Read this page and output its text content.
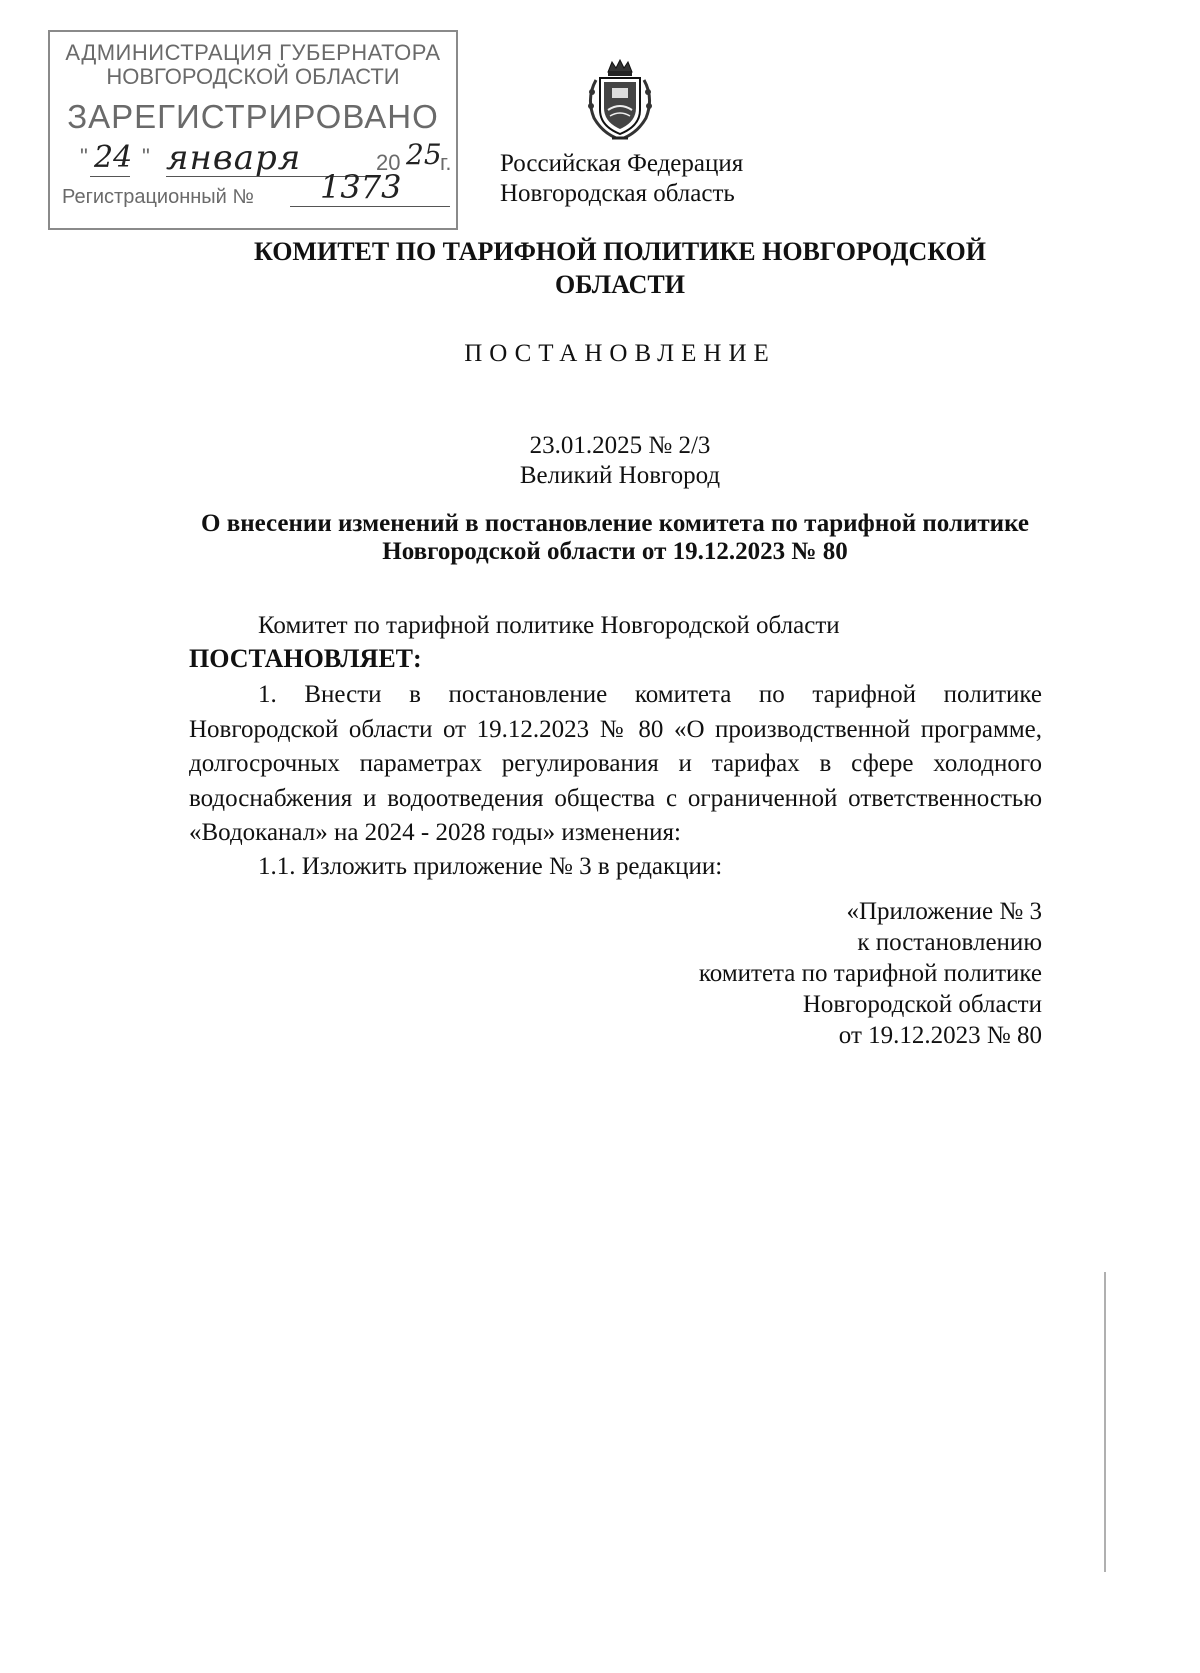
АДМИНИСТРАЦИЯ ГУБЕРНАТОРА
НОВГОРОДСКОЙ ОБЛАСТИ
ЗАРЕГИСТРИРОВАНО
" 24 " января	20 25
г.
Регистрационный № 1373
Российская Федерация
Новгородская область
КОМИТЕТ ПО ТАРИФНОЙ ПОЛИТИКЕ НОВГОРОДСКОЙ ОБЛАСТИ
ПОСТАНОВЛЕНИЕ
23.01.2025 № 2/3
Великий Новгород
О внесении изменений в постановление комитета по тарифной политике Новгородской области от 19.12.2023 № 80
Комитет по тарифной политике Новгородской области
ПОСТАНОВЛЯЕТ:
1. Внести в постановление комитета по тарифной политике Новгородской области от 19.12.2023 № 80 «О производственной программе, долгосрочных параметрах регулирования и тарифах в сфере холодного водоснабжения и водоотведения общества с ограниченной ответственностью «Водоканал» на 2024 - 2028 годы» изменения:
1.1. Изложить приложение № 3 в редакции:
«Приложение № 3
к постановлению
комитета по тарифной политике
Новгородской области
от 19.12.2023 № 80
